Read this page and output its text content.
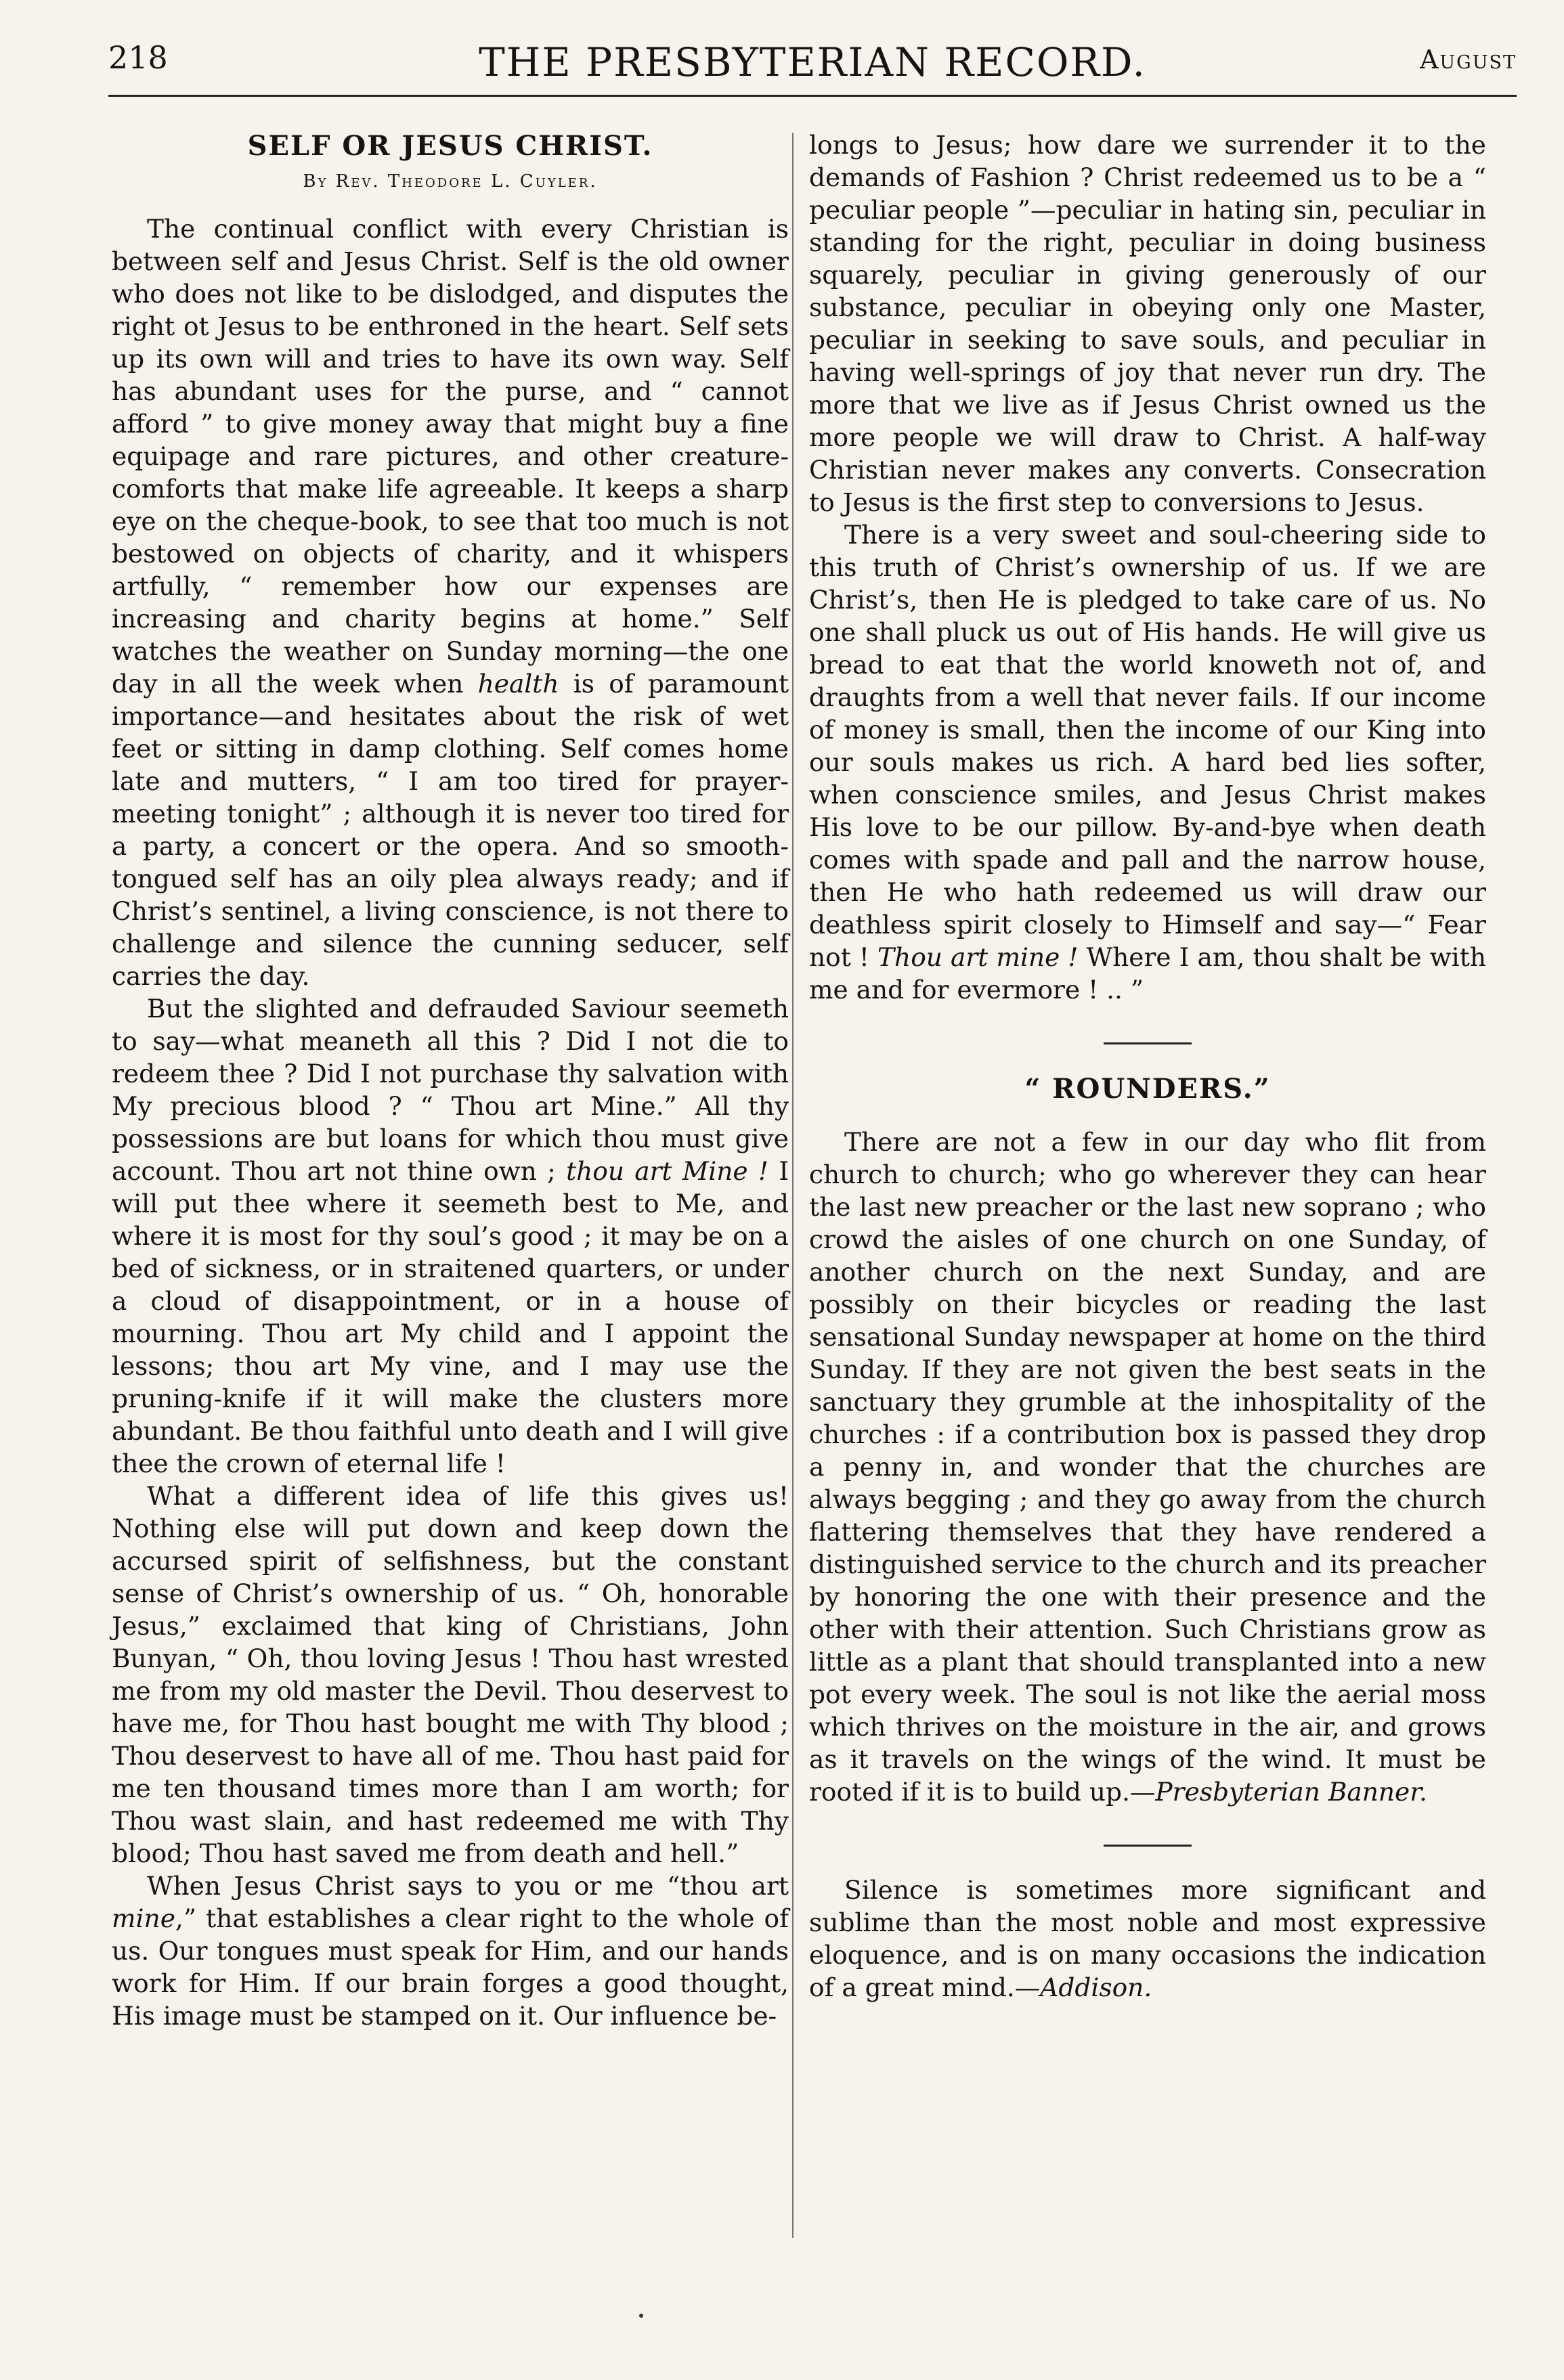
218	THE PRESBYTERIAN RECORD.	August
SELF OR JESUS CHRIST.
By Rev. Theodore L. Cuyler.

The continual conflict with every Christian is between self and Jesus Christ. Self is the old owner who does not like to be dislodged, and disputes the right ot Jesus to be enthroned in the heart. Self sets up its own will and tries to have its own way. Self has abundant uses for the purse, and “ cannot afford ” to give money away that might buy a fine equipage and rare pictures, and other creature-comforts that make life agreeable. It keeps a sharp eye on the cheque-book, to see that too much is not bestowed on objects of charity, and it whispers artfully, “ remember how our expenses are increasing and charity begins at home.” Self watches the weather on Sunday morning—the one day in all the week when health is of paramount importance—and hesitates about the risk of wet feet or sitting in damp clothing. Self comes home late and mutters, “ I am too tired for prayer-meeting tonight” ; although it is never too tired for a party, a concert or the opera. And so smooth-tongued self has an oily plea always ready; and if Christ’s sentinel, a living conscience, is not there to challenge and silence the cunning seducer, self carries the day.

But the slighted and defrauded Saviour seemeth to say—what meaneth all this ? Did I not die to redeem thee ? Did I not purchase thy salvation with My precious blood ? “ Thou art Mine.” All thy possessions are but loans for which thou must give account. Thou art not thine own ; thou art Mine ! I will put thee where it seemeth best to Me, and where it is most for thy soul’s good ; it may be on a bed of sickness, or in straitened quarters, or under a cloud of disappointment, or in a house of mourning. Thou art My child and I appoint the lessons; thou art My vine, and I may use the pruning-knife if it will make the clusters more abundant. Be thou faithful unto death and I will give thee the crown of eternal life !

What a different idea of life this gives us! Nothing else will put down and keep down the accursed spirit of selfishness, but the constant sense of Christ’s ownership of us. “ Oh, honorable Jesus,” exclaimed that king of Christians, John Bunyan, “ Oh, thou loving Jesus ! Thou hast wrested me from my old master the Devil. Thou deservest to have me, for Thou hast bought me with Thy blood ; Thou deservest to have all of me. Thou hast paid for me ten thousand times more than I am worth; for Thou wast slain, and hast redeemed me with Thy blood; Thou hast saved me from death and hell.”

When Jesus Christ says to you or me “thou art mine,” that establishes a clear right to the whole of us. Our tongues must speak for Him, and our hands work for Him. If our brain forges a good thought, His image must be stamped on it. Our influence be-

longs to Jesus; how dare we surrender it to the demands of Fashion ? Christ redeemed us to be a “ peculiar people ”—peculiar in hating sin, peculiar in standing for the right, peculiar in doing business squarely, peculiar in giving generously of our substance, peculiar in obeying only one Master, peculiar in seeking to save souls, and peculiar in having well-springs of joy that never run dry. The more that we live as if Jesus Christ owned us the more people we will draw to Christ. A half-way Christian never makes any converts. Consecration to Jesus is the first step to conversions to Jesus.

There is a very sweet and soul-cheering side to this truth of Christ’s ownership of us. If we are Christ’s, then He is pledged to take care of us. No one shall pluck us out of His hands. He will give us bread to eat that the world knoweth not of, and draughts from a well that never fails. If our income of money is small, then the income of our King into our souls makes us rich. A hard bed lies softer, when conscience smiles, and Jesus Christ makes His love to be our pillow. By-and-bye when death comes with spade and pall and the narrow house, then He who hath redeemed us will draw our deathless spirit closely to Himself and say—“ Fear not ! Thou art mine ! Where I am, thou shalt be with me and for evermore ! .. ”

“ ROUNDERS.”

There are not a few in our day who flit from church to church; who go wherever they can hear the last new preacher or the last new soprano ; who crowd the aisles of one church on one Sunday, of another church on the next Sunday, and are possibly on their bicycles or reading the last sensational Sunday newspaper at home on the third Sunday. If they are not given the best seats in the sanctuary they grumble at the inhospitality of the churches : if a contribution box is passed they drop a penny in, and wonder that the churches are always begging ; and they go away from the church flattering themselves that they have rendered a distinguished service to the church and its preacher by honoring the one with their presence and the other with their attention. Such Christians grow as little as a plant that should transplanted into a new pot every week. The soul is not like the aerial moss which thrives on the moisture in the air, and grows as it travels on the wings of the wind. It must be rooted if it is to build up.—Presbyterian Banner.

Silence is sometimes more significant and sublime than the most noble and most expressive eloquence, and is on many occasions the indication of a great mind.—Addison.
